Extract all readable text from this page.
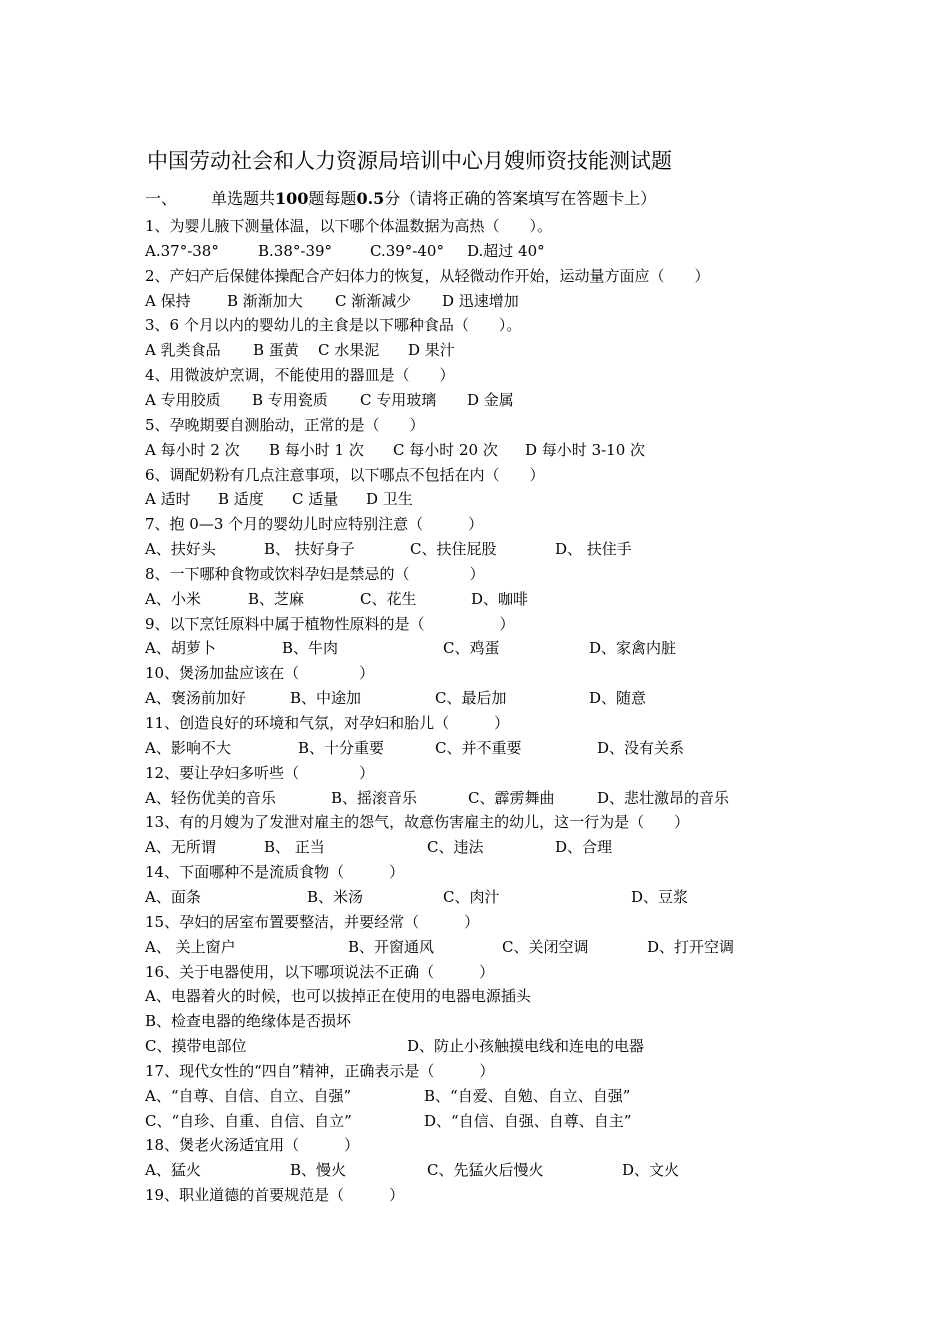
中国劳动社会和人力资源局培训中心月嫂师资技能测试题
一、 单选题共100题每题0.5分（请将正确的答案填写在答题卡上）
1、为婴儿腋下测量体温，以下哪个体温数据为高热（　　）。
A.37°-38°	B.38°-39°	C.39°-40° D.超过 40°
2、产妇产后保健体操配合产妇体力的恢复，从轻微动作开始，运动量方面应（　　）
A 保持 B 渐渐加大 C 渐渐减少 D 迅速增加
3、6 个月以内的婴幼儿的主食是以下哪种食品（　　）。
A 乳类食品 B 蛋黄 C 水果泥 D 果汁
4、用微波炉烹调，不能使用的器皿是（　　）
A 专用胶质 B 专用瓷质 C 专用玻璃 D 金属
5、孕晚期要自测胎动，正常的是（　　）
A 每小时 2 次 B 每小时 1 次 C 每小时 20 次 D 每小时 3-10 次
6、调配奶粉有几点注意事项，以下哪点不包括在内（　　）
A 适时 B 适度 C 适量 D 卫生
7、抱 0—3 个月的婴幼儿时应特别注意（　　　）
A、扶好头	B、 扶好身子	C、扶住屁股	D、 扶住手
8、一下哪种食物或饮料孕妇是禁忌的（　　　　）
A、小米	B、芝麻	C、花生	D、咖啡
9、以下烹饪原料中属于植物性原料的是（　　　　　）
A、胡萝卜	B、牛肉	C、鸡蛋	D、家禽内脏
10、煲汤加盐应该在（　　　　）
A、褒汤前加好	B、中途加	C、最后加	D、随意
11、创造良好的环境和气氛，对孕妇和胎儿（　　　）
A、影响不大	B、十分重要	C、并不重要	D、没有关系
12、要让孕妇多听些（　　　　）
A、轻伤优美的音乐	B、摇滚音乐	C、霹雳舞曲	D、悲壮激昂的音乐
13、有的月嫂为了发泄对雇主的怨气，故意伤害雇主的幼儿，这一行为是（　　）
A、无所谓	B、 正当	C、违法	D、合理
14、下面哪种不是流质食物（　　　）
A、面条	B、米汤	C、肉汁	D、豆浆
15、孕妇的居室布置要整洁，并要经常（　　　）
A、 关上窗户	B、开窗通风	C、关闭空调	D、打开空调
16、关于电器使用，以下哪项说法不正确（　　　）
A、电器着火的时候，也可以拔掉正在使用的电器电源插头
B、检查电器的绝缘体是否损坏
C、摸带电部位	D、防止小孩触摸电线和连电的电器
17、现代女性的“四自”精神，正确表示是（　　　）
A、“自尊、自信、自立、自强”	B、“自爱、自勉、自立、自强”
C、“自珍、自重、自信、自立”	D、“自信、自强、自尊、自主”
18、煲老火汤适宜用（　　　）
A、猛火	B、慢火	C、先猛火后慢火	D、文火
19、职业道德的首要规范是（　　　）
